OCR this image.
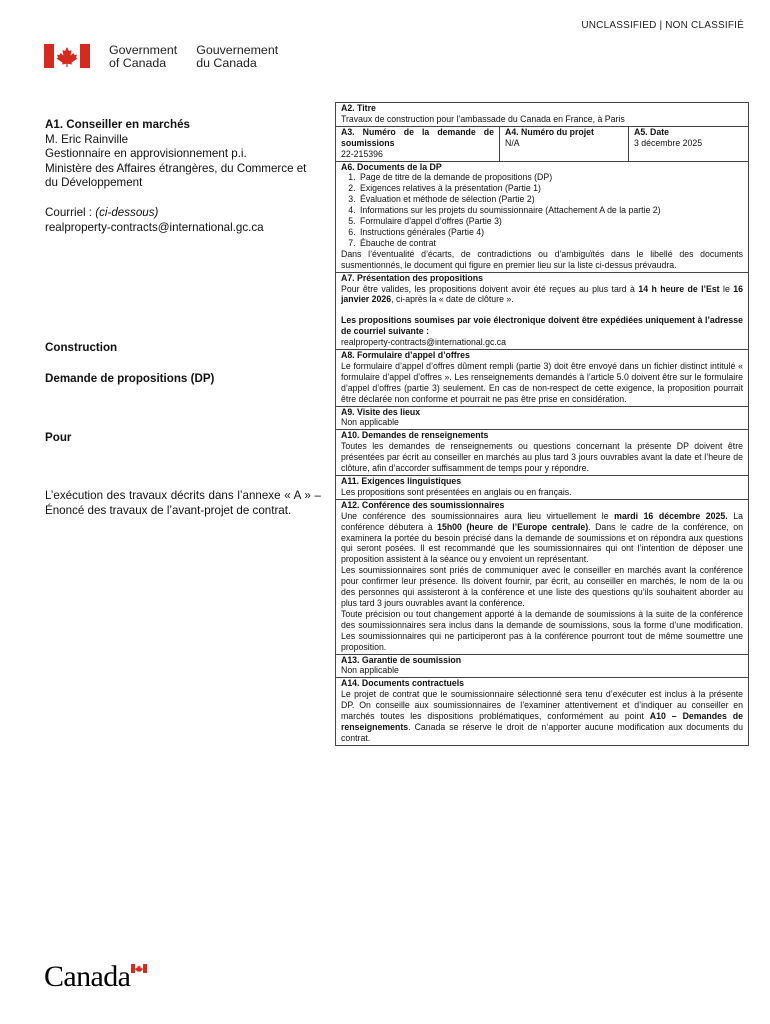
UNCLASSIFIED | NON CLASSIFIÉ
Government
of Canada
Gouvernement
du Canada
A1. Conseiller en marchés
M. Eric Rainville
Gestionnaire en approvisionnement p.i.
Ministère des Affaires étrangères, du Commerce et du Développement
Courriel : (ci-dessous)
realproperty-contracts@international.gc.ca
Construction
Demande de propositions (DP)
Pour
L’exécution des travaux décrits dans l’annexe « A » – Énoncé des travaux de l’avant-projet de contrat.
A2. Titre
Travaux de construction pour l’ambassade du Canada en France, à Paris
A3. Numéro de la demande de soumissions
22-215396
A4. Numéro du projet
N/A
A5. Date
3 décembre 2025
A6. Documents de la DP
1. Page de titre de la demande de propositions (DP)
2. Exigences relatives à la présentation (Partie 1)
3. Évaluation et méthode de sélection (Partie 2)
4. Informations sur les projets du soumissionnaire (Attachement A de la partie 2)
5. Formulaire d’appel d’offres (Partie 3)
6. Instructions générales (Partie 4)
7. Ébauche de contrat
Dans l’éventualité d’écarts, de contradictions ou d’ambiguïtés dans le libellé des documents susmentionnés, le document qui figure en premier lieu sur la liste ci-dessus prévaudra.
A7. Présentation des propositions
Pour être valides, les propositions doivent avoir été reçues au plus tard à 14 h heure de l’Est le 16 janvier 2026, ci-après la « date de clôture ».
Les propositions soumises par voie électronique doivent être expédiées uniquement à l’adresse de courriel suivante :
realproperty-contracts@international.gc.ca
A8. Formulaire d’appel d’offres
Le formulaire d’appel d’offres dûment rempli (partie 3) doit être envoyé dans un fichier distinct intitulé « formulaire d’appel d’offres ». Les renseignements demandés à l’article 5.0 doivent être sur le formulaire d’appel d’offres (partie 3) seulement. En cas de non-respect de cette exigence, la proposition pourrait être déclarée non conforme et pourrait ne pas être prise en considération.
A9. Visite des lieux
Non applicable
A10. Demandes de renseignements
Toutes les demandes de renseignements ou questions concernant la présente DP doivent être présentées par écrit au conseiller en marchés au plus tard 3 jours ouvrables avant la date et l’heure de clôture, afin d’accorder suffisamment de temps pour y répondre.
A11. Exigences linguistiques
Les propositions sont présentées en anglais ou en français.
A12. Conférence des soumissionnaires
Une conférence des soumissionnaires aura lieu virtuellement le mardi 16 décembre 2025. La conférence débutera à 15h00 (heure de l’Europe centrale). Dans le cadre de la conférence, on examinera la portée du besoin précisé dans la demande de soumissions et on répondra aux questions qui seront posées. Il est recommandé que les soumissionnaires qui ont l’intention de déposer une proposition assistent à la séance ou y envoient un représentant.
Les soumissionnaires sont priés de communiquer avec le conseiller en marchés avant la conférence pour confirmer leur présence. Ils doivent fournir, par écrit, au conseiller en marchés, le nom de la ou des personnes qui assisteront à la conférence et une liste des questions qu’ils souhaitent aborder au plus tard 3 jours ouvrables avant la conférence.
Toute précision ou tout changement apporté à la demande de soumissions à la suite de la conférence des soumissionnaires sera inclus dans la demande de soumissions, sous la forme d’une modification. Les soumissionnaires qui ne participeront pas à la conférence pourront tout de même soumettre une proposition.
A13. Garantie de soumission
Non applicable
A14. Documents contractuels
Le projet de contrat que le soumissionnaire sélectionné sera tenu d’exécuter est inclus à la présente DP. On conseille aux soumissionnaires de l’examiner attentivement et d’indiquer au conseiller en marchés toutes les dispositions problématiques, conformément au point A10 – Demandes de renseignements. Canada se réserve le droit de n’apporter aucune modification aux documents du contrat.
Canada
